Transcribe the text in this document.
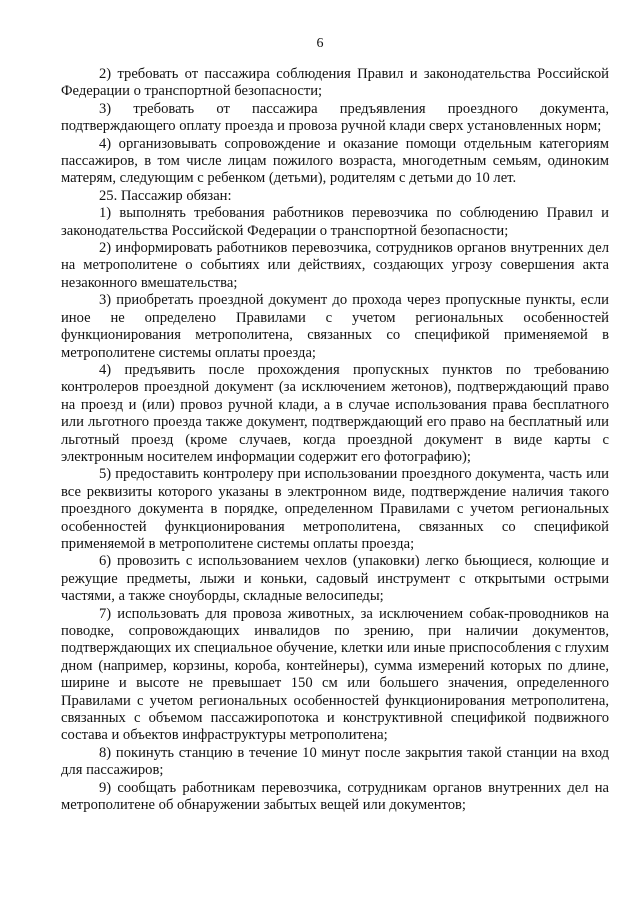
6

2) требовать от пассажира соблюдения Правил и законодательства Российской Федерации о транспортной безопасности;

3) требовать от пассажира предъявления проездного документа, подтверждающего оплату проезда и провоза ручной клади сверх установленных норм;

4) организовывать сопровождение и оказание помощи отдельным категориям пассажиров, в том числе лицам пожилого возраста, многодетным семьям, одиноким матерям, следующим с ребенком (детьми), родителям с детьми до 10 лет.

25. Пассажир обязан:

1) выполнять требования работников перевозчика по соблюдению Правил и законодательства Российской Федерации о транспортной безопасности;

2) информировать работников перевозчика, сотрудников органов внутренних дел на метрополитене о событиях или действиях, создающих угрозу совершения акта незаконного вмешательства;

3) приобретать проездной документ до прохода через пропускные пункты, если иное не определено Правилами с учетом региональных особенностей функционирования метрополитена, связанных со спецификой применяемой в метрополитене системы оплаты проезда;

4) предъявить после прохождения пропускных пунктов по требованию контролеров проездной документ (за исключением жетонов), подтверждающий право на проезд и (или) провоз ручной клади, а в случае использования права бесплатного или льготного проезда также документ, подтверждающий его право на бесплатный или льготный проезд (кроме случаев, когда проездной документ в виде карты с электронным носителем информации содержит его фотографию);

5) предоставить контролеру при использовании проездного документа, часть или все реквизиты которого указаны в электронном виде, подтверждение наличия такого проездного документа в порядке, определенном Правилами с учетом региональных особенностей функционирования метрополитена, связанных со спецификой применяемой в метрополитене системы оплаты проезда;

6) провозить с использованием чехлов (упаковки) легко бьющиеся, колющие и режущие предметы, лыжи и коньки, садовый инструмент с открытыми острыми частями, а также сноуборды, складные велосипеды;

7) использовать для провоза животных, за исключением собак-проводников на поводке, сопровождающих инвалидов по зрению, при наличии документов, подтверждающих их специальное обучение, клетки или иные приспособления с глухим дном (например, корзины, короба, контейнеры), сумма измерений которых по длине, ширине и высоте не превышает 150 см или большего значения, определенного Правилами с учетом региональных особенностей функционирования метрополитена, связанных с объемом пассажиропотока и конструктивной спецификой подвижного состава и объектов инфраструктуры метрополитена;

8) покинуть станцию в течение 10 минут после закрытия такой станции на вход для пассажиров;

9) сообщать работникам перевозчика, сотрудникам органов внутренних дел на метрополитене об обнаружении забытых вещей или документов;
